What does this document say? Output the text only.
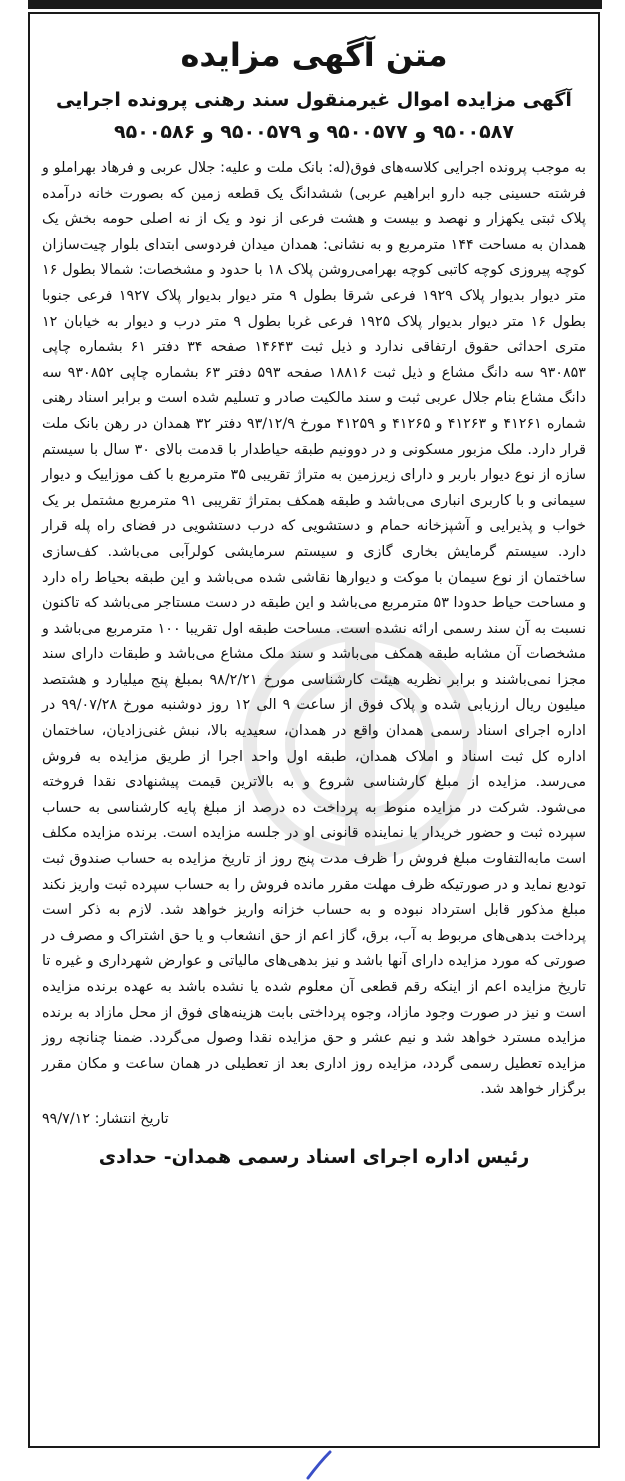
متن آگهی مزایده
آگهی مزایده اموال غیرمنقول سند رهنی پرونده اجرایی ۹۵۰۰۵۸۷ و ۹۵۰۰۵۷۷ و ۹۵۰۰۵۷۹ و ۹۵۰۰۵۸۶
به موجب پرونده اجرایی کلاسه‌های فوق(له: بانک ملت و علیه: جلال عربی و فرهاد بهراملو و فرشته حسینی جبه دارو ابراهیم عربی) ششدانگ یک قطعه زمین که بصورت خانه درآمده پلاک ثبتی یکهزار و نهصد و بیست و هشت فرعی از نود و یک از نه اصلی حومه بخش یک همدان به مساحت ۱۴۴ مترمربع و به نشانی: همدان میدان فردوسی ابتدای بلوار چیت‌سازان کوچه پیروزی کوچه کاتبی کوچه بهرامی‌روشن پلاک ۱۸ با حدود و مشخصات: شمالا بطول ۱۶ متر دیوار بدیوار پلاک ۱۹۲۹ فرعی شرقا بطول ۹ متر دیوار بدیوار پلاک ۱۹۲۷ فرعی جنوبا بطول ۱۶ متر دیوار بدیوار پلاک ۱۹۲۵ فرعی غربا بطول ۹ متر درب و دیوار به خیابان ۱۲ متری احداثی حقوق ارتفاقی ندارد و ذیل ثبت ۱۴۶۴۳ صفحه ۳۴ دفتر ۶۱ بشماره چاپی ۹۳۰۸۵۳ سه دانگ مشاع و ذیل ثبت ۱۸۸۱۶ صفحه ۵۹۳ دفتر ۶۳ بشماره چاپی ۹۳۰۸۵۲ سه دانگ مشاع بنام جلال عربی ثبت و سند مالکیت صادر و تسلیم شده است و برابر اسناد رهنی شماره ۴۱۲۶۱ و ۴۱۲۶۳ و ۴۱۲۶۵ و ۴۱۲۵۹ مورخ ۹۳/۱۲/۹ دفتر ۳۲ همدان در رهن بانک ملت قرار دارد. ملک مزبور مسکونی و در دوونیم طبقه حیاطدار با قدمت بالای ۳۰ سال با سیستم سازه از نوع دیوار باربر و دارای زیرزمین به متراژ تقریبی ۳۵ مترمربع با کف موزاییک و دیوار سیمانی و با کاربری انباری می‌باشد و طبقه همکف بمتراژ تقریبی ۹۱ مترمربع مشتمل بر یک خواب و پذیرایی و آشپزخانه حمام و دستشویی که درب دستشویی در فضای راه پله قرار دارد. سیستم گرمایش بخاری گازی و سیستم سرمایشی کولرآبی می‌باشد. کف‌سازی ساختمان از نوع سیمان با موکت و دیوارها نقاشی شده می‌باشد و این طبقه بحیاط راه دارد و مساحت حیاط حدودا ۵۳ مترمربع می‌باشد و این طبقه در دست مستاجر می‌باشد که تاکنون نسبت به آن سند رسمی ارائه نشده است. مساحت طبقه اول تقریبا ۱۰۰ مترمربع می‌باشد و مشخصات آن مشابه طبقه همکف می‌باشد و سند ملک مشاع می‌باشد و طبقات دارای سند مجزا نمی‌باشند و برابر نظریه هیئت کارشناسی مورخ ۹۸/۲/۲۱ بمبلغ پنج میلیارد و هشتصد میلیون ریال ارزیابی شده و پلاک فوق از ساعت ۹ الی ۱۲ روز دوشنبه مورخ ۹۹/۰۷/۲۸ در اداره اجرای اسناد رسمی همدان واقع در همدان، سعیدیه بالا، نبش غنی‌زادیان، ساختمان اداره کل ثبت اسناد و املاک همدان، طبقه اول واحد اجرا از طریق مزایده به فروش می‌رسد. مزایده از مبلغ کارشناسی شروع و به بالاترین قیمت پیشنهادی نقدا فروخته می‌شود. شرکت در مزایده منوط به پرداخت ده درصد از مبلغ پایه کارشناسی به حساب سپرده ثبت و حضور خریدار یا نماینده قانونی او در جلسه مزایده است. برنده مزایده مکلف است مابه‌التفاوت مبلغ فروش را ظرف مدت پنج روز از تاریخ مزایده به حساب صندوق ثبت تودیع نماید و در صورتیکه ظرف مهلت مقرر مانده فروش را به حساب سپرده ثبت واریز نکند مبلغ مذکور قابل استرداد نبوده و به حساب خزانه واریز خواهد شد. لازم به ذکر است پرداخت بدهی‌های مربوط به آب، برق، گاز اعم از حق انشعاب و یا حق اشتراک و مصرف در صورتی که مورد مزایده دارای آنها باشد و نیز بدهی‌های مالیاتی و عوارض شهرداری و غیره تا تاریخ مزایده اعم از اینکه رقم قطعی آن معلوم شده یا نشده باشد به عهده برنده مزایده است و نیز در صورت وجود مازاد، وجوه پرداختی بابت هزینه‌های فوق از محل مازاد به برنده مزایده مسترد خواهد شد و نیم عشر و حق مزایده نقدا وصول می‌گردد. ضمنا چنانچه روز مزایده تعطیل رسمی گردد، مزایده روز اداری بعد از تعطیلی در همان ساعت و مکان مقرر برگزار خواهد شد.
تاریخ انتشار: ۹۹/۷/۱۲
رئیس اداره اجرای اسناد رسمی همدان- حدادی
